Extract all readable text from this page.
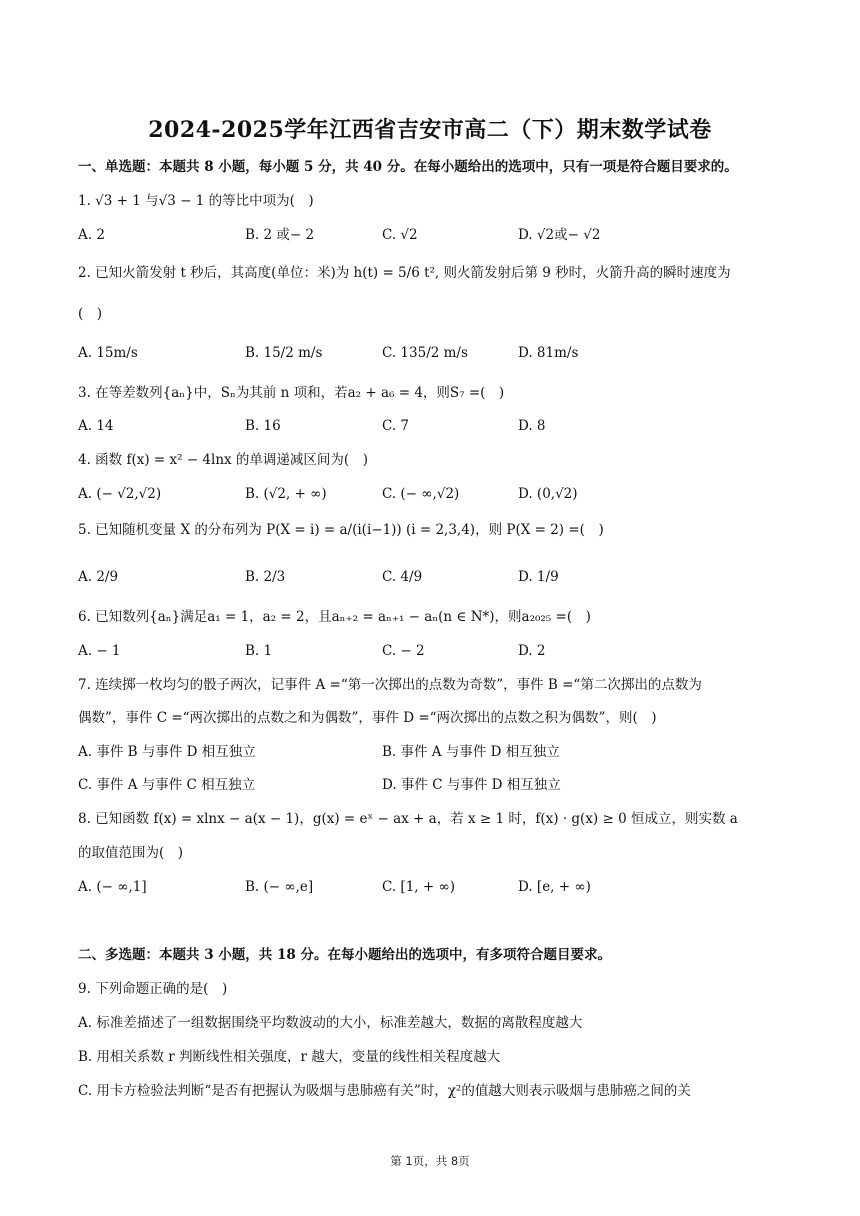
2024-2025学年江西省吉安市高二（下）期末数学试卷
一、单选题：本题共 8 小题，每小题 5 分，共 40 分。在每小题给出的选项中，只有一项是符合题目要求的。
1. √3 + 1 与√3 − 1 的等比中项为(　)
A. 2	B. 2 或− 2	C. √2	D. √2或− √2
2. 已知火箭发射 t 秒后，其高度(单位：米)为 h(t) = 5/6 t², 则火箭发射后第 9 秒时，火箭升高的瞬时速度为
(　)
A. 15m/s	B. 15/2 m/s	C. 135/2 m/s	D. 81m/s
3. 在等差数列{aₙ}中，Sₙ为其前 n 项和，若a₂ + a₆ = 4，则S₇ =(　)
A. 14	B. 16	C. 7	D. 8
4. 函数 f(x) = x² − 4lnx 的单调递减区间为(　)
A. (− √2,√2)	B. (√2, + ∞)	C. (− ∞,√2)	D. (0,√2)
5. 已知随机变量 X 的分布列为 P(X = i) = a/(i(i−1)) (i = 2,3,4)，则 P(X = 2) =(　)
A. 2/9	B. 2/3	C. 4/9	D. 1/9
6. 已知数列{aₙ}满足a₁ = 1，a₂ = 2，且aₙ₊₂ = aₙ₊₁ − aₙ(n ∈ N*)，则a₂₀₂₅ =(　)
A. − 1	B. 1	C. − 2	D. 2
7. 连续掷一枚均匀的骰子两次，记事件 A =“第一次掷出的点数为奇数”，事件 B =“第二次掷出的点数为
偶数”，事件 C =“两次掷出的点数之和为偶数”，事件 D =“两次掷出的点数之积为偶数”，则(　)
A. 事件 B 与事件 D 相互独立	B. 事件 A 与事件 D 相互独立
C. 事件 A 与事件 C 相互独立	D. 事件 C 与事件 D 相互独立
8. 已知函数 f(x) = xlnx − a(x − 1)，g(x) = eˣ − ax + a，若 x ≥ 1 时，f(x) · g(x) ≥ 0 恒成立，则实数 a
的取值范围为(　)
A. (− ∞,1]	B. (− ∞,e]	C. [1, + ∞)	D. [e, + ∞)
二、多选题：本题共 3 小题，共 18 分。在每小题给出的选项中，有多项符合题目要求。
9. 下列命题正确的是(　)
A. 标准差描述了一组数据围绕平均数波动的大小，标准差越大，数据的离散程度越大
B. 用相关系数 r 判断线性相关强度，r 越大，变量的线性相关程度越大
C. 用卡方检验法判断“是否有把握认为吸烟与患肺癌有关”时，χ²的值越大则表示吸烟与患肺癌之间的关
第 1页，共 8页
